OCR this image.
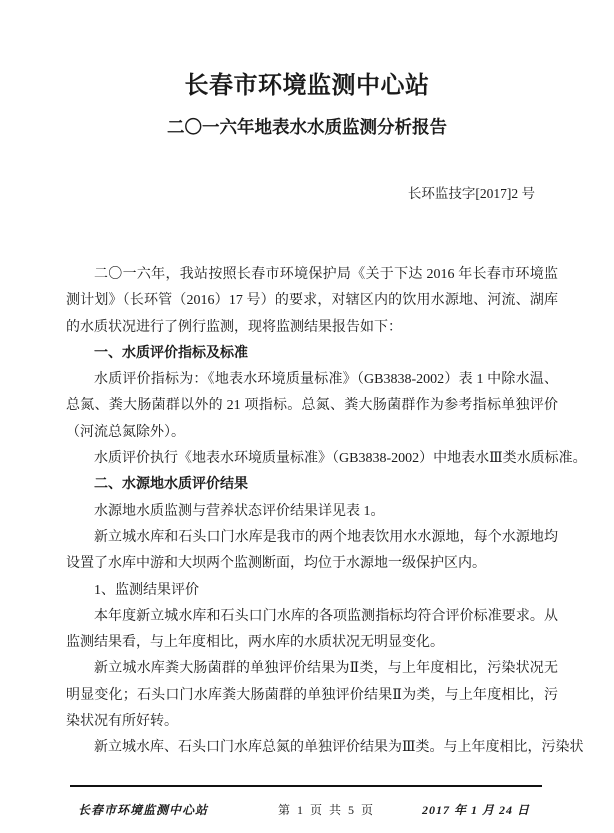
长春市环境监测中心站
二〇一六年地表水水质监测分析报告
长环监技字[2017]2 号

二〇一六年，我站按照长春市环境保护局《关于下达 2016 年长春市环境监测计划》（长环管（2016）17 号）的要求，对辖区内的饮用水源地、河流、湖库的水质状况进行了例行监测，现将监测结果报告如下：

一、水质评价指标及标准

水质评价指标为：《地表水环境质量标准》（GB3838-2002）表 1 中除水温、总氮、粪大肠菌群以外的 21 项指标。总氮、粪大肠菌群作为参考指标单独评价（河流总氮除外）。

水质评价执行《地表水环境质量标准》（GB3838-2002）中地表水Ⅲ类水质标准。

二、水源地水质评价结果

水源地水质监测与营养状态评价结果详见表 1。

新立城水库和石头口门水库是我市的两个地表饮用水水源地，每个水源地均设置了水库中游和大坝两个监测断面，均位于水源地一级保护区内。

1、监测结果评价

本年度新立城水库和石头口门水库的各项监测指标均符合评价标准要求。从监测结果看，与上年度相比，两水库的水质状况无明显变化。

新立城水库粪大肠菌群的单独评价结果为Ⅱ类，与上年度相比，污染状况无明显变化；石头口门水库粪大肠菌群的单独评价结果Ⅱ为类，与上年度相比，污染状况有所好转。

新立城水库、石头口门水库总氮的单独评价结果为Ⅲ类。与上年度相比，污染状

长春市环境监测中心站	第 1 页 共 5 页	2017 年 1 月 24 日
